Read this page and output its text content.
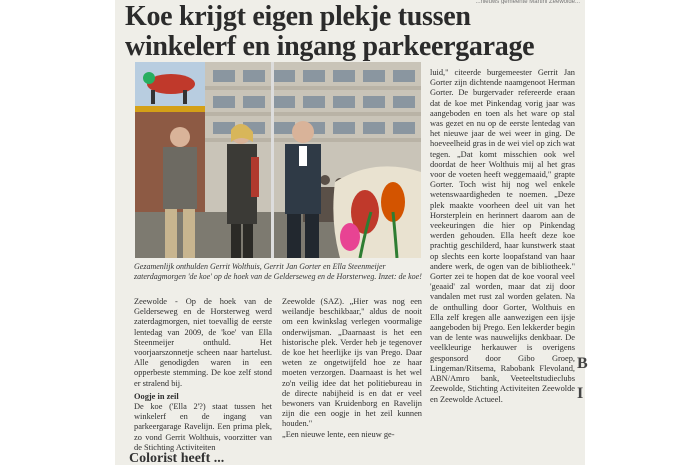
...nieuws gemeente Martini Zeewolde...
Koe krijgt eigen plekje tussen winkelerf en ingang parkeergarage

Gezamenlijk onthulden Gerrit Wolthuis, Gerrit Jan Gorter en Ella Steenmeijer zaterdagmorgen 'de koe' op de hoek van de Gelderseweg en de Horsterweg. Inzet: de koe!

Zeewolde - Op de hoek van de Gelderseweg en de Horsterweg werd zaterdagmorgen, niet toevallig de eerste lentedag van 2009, de 'koe' van Ella Steenmeijer onthuld. Het voorjaarszonnetje scheen naar hartelust. Alle genodigden waren in een opperbeste stemming. De koe zelf stond er stralend bij.

Oogje in zeil

De koe ('Ella 2'?) staat tussen het winkelerf en de ingang van parkeergarage Ravelijn. Een prima plek, zo vond Gerrit Wolthuis, voorzitter van de Stichting Activiteiten

Zeewolde (SAZ). „Hier was nog een weilandje beschikbaar," aldus de nooit om een kwinkslag verlegen voormalige onderwijsman. „Daarnaast is het een historische plek. Verder heb je tegenover de koe het heerlijke ijs van Prego. Daar weten ze ongetwijfeld hoe ze haar moeten verzorgen. Daarnaast is het wel zo'n veilig idee dat het politiebureau in de directe nabijheid is en dat er veel bewoners van Kruidenborg en Ravelijn zijn die een oogje in het zeil kunnen houden."

„Een nieuwe lente, een nieuw ge-

luid," citeerde burgemeester Gerrit Jan Gorter zijn dichtende naamgenoot Herman Gorter. De burgervader refereerde eraan dat de koe met Pinkendag vorig jaar was aangeboden en toen als het ware op stal was gezet en nu op de eerste lentedag van het nieuwe jaar de wei weer in ging. De hoeveelheid gras in de wei viel op zich wat tegen. „Dat komt misschien ook wel doordat de heer Wolthuis mij al het gras voor de voeten heeft weggemaaid," grapte Gorter. Toch wist hij nog wel enkele wetenswaardigheden te noemen. „Deze plek maakte voorheen deel uit van het Horsterplein en herinnert daarom aan de veekeuringen die hier op Pinkendag werden gehouden. Ella heeft deze koe prachtig geschilderd, haar kunstwerk staat op slechts een korte loopafstand van haar andere werk, de ogen van de bibliotheek." Gorter zei te hopen dat de koe vooral veel 'geaaid' zal worden, maar dat zij door vandalen met rust zal worden gelaten. Na de onthulling door Gorter, Wolthuis en Ella zelf kregen alle aanwezigen een ijsje aangeboden bij Prego. Een lekkerder begin van de lente was nauwelijks denkbaar. De veelkleurige herkauwer is overigens gesponsord door Gibo Groep, Lingeman/Ritsema, Rabobank Flevoland, ABN/Amro bank, Veeteeltstudieclubs Zeewolde, Stichting Activiteiten Zeewolde en Zeewolde Actueel.

Colorist heeft ...
B
I
